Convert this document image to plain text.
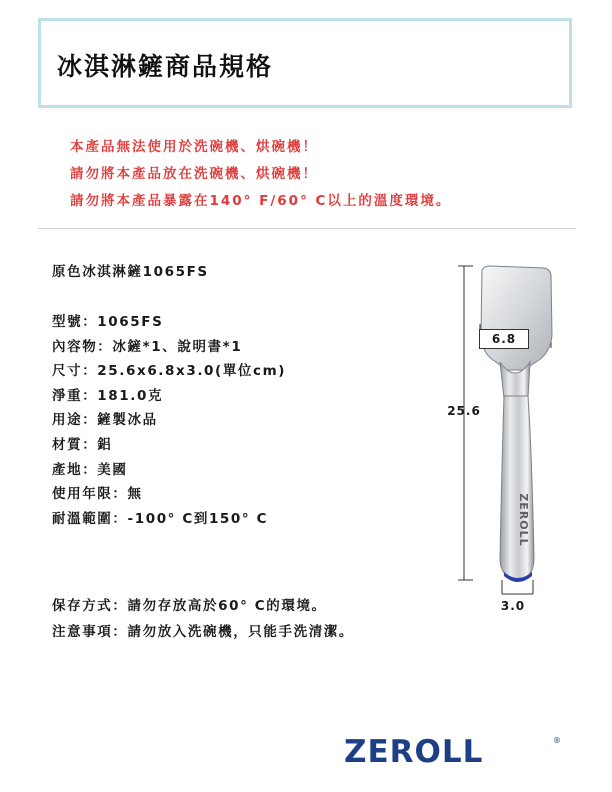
冰淇淋鏟商品規格
本產品無法使用於洗碗機、烘碗機！
請勿將本產品放在洗碗機、烘碗機！
請勿將本產品暴露在140° F/60° C以上的溫度環境。
原色冰淇淋鏟1065FS
型號：1065FS
內容物：冰鏟*1、說明書*1
尺寸：25.6x6.8x3.0(單位cm)
淨重：181.0克
用途：鏟製冰品
材質：鋁
產地：美國
使用年限：無
耐溫範圍：-100° C到150° C
保存方式：請勿存放高於60° C的環境。
注意事項：請勿放入洗碗機，只能手洗清潔。
ZEROLL
6.8
25.6
3.0
ZEROLL	®
